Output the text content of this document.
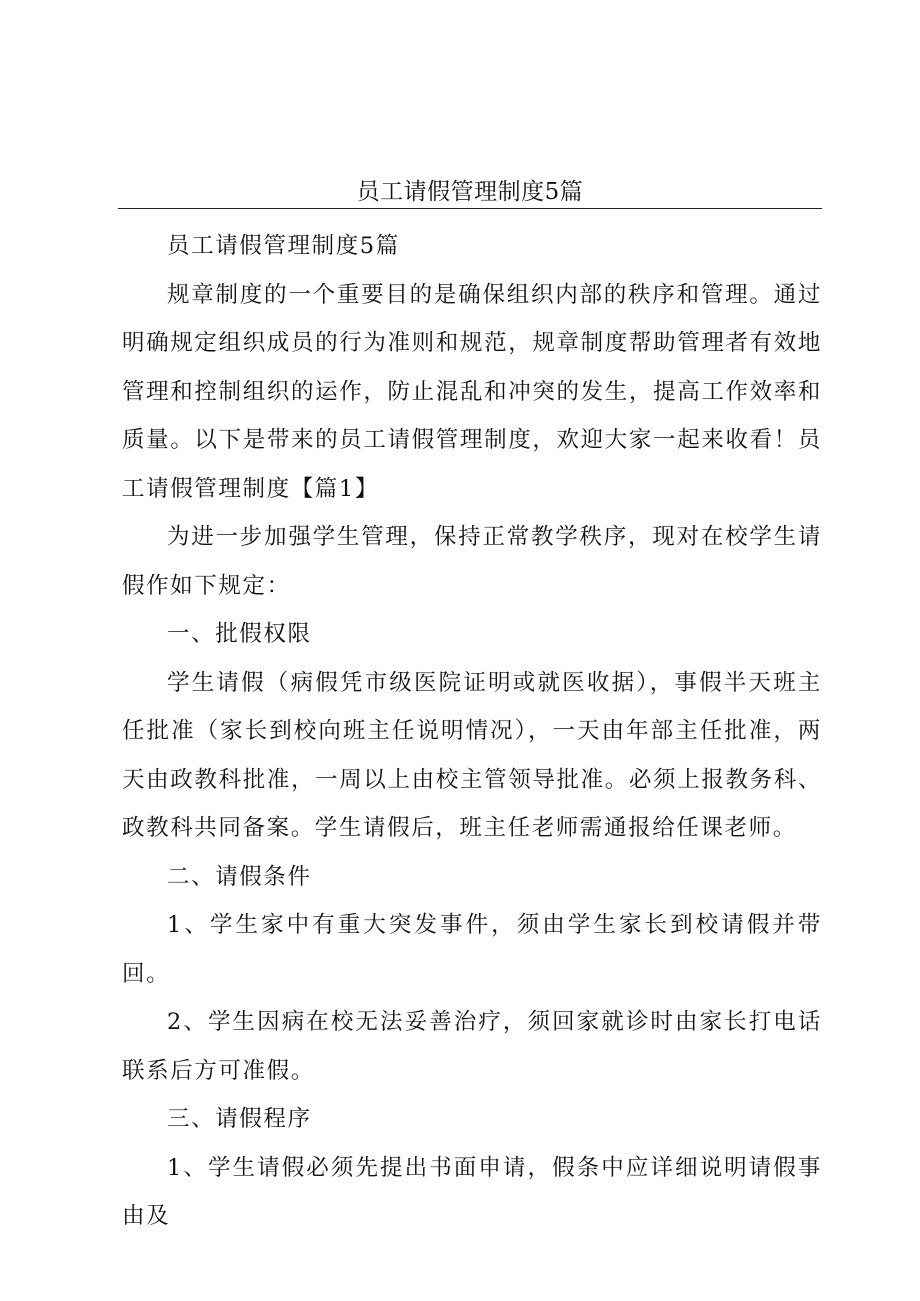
员工请假管理制度5篇

员工请假管理制度5篇

规章制度的一个重要目的是确保组织内部的秩序和管理。通过明确规定组织成员的行为准则和规范，规章制度帮助管理者有效地管理和控制组织的运作，防止混乱和冲突的发生，提高工作效率和质量。以下是带来的员工请假管理制度，欢迎大家一起来收看！员工请假管理制度【篇1】

为进一步加强学生管理，保持正常教学秩序，现对在校学生请假作如下规定：

一、批假权限

学生请假（病假凭市级医院证明或就医收据），事假半天班主任批准（家长到校向班主任说明情况），一天由年部主任批准，两天由政教科批准，一周以上由校主管领导批准。必须上报教务科、政教科共同备案。学生请假后，班主任老师需通报给任课老师。

二、请假条件

1、学生家中有重大突发事件，须由学生家长到校请假并带回。

2、学生因病在校无法妥善治疗，须回家就诊时由家长打电话联系后方可准假。

三、请假程序

1、学生请假必须先提出书面申请，假条中应详细说明请假事由及
